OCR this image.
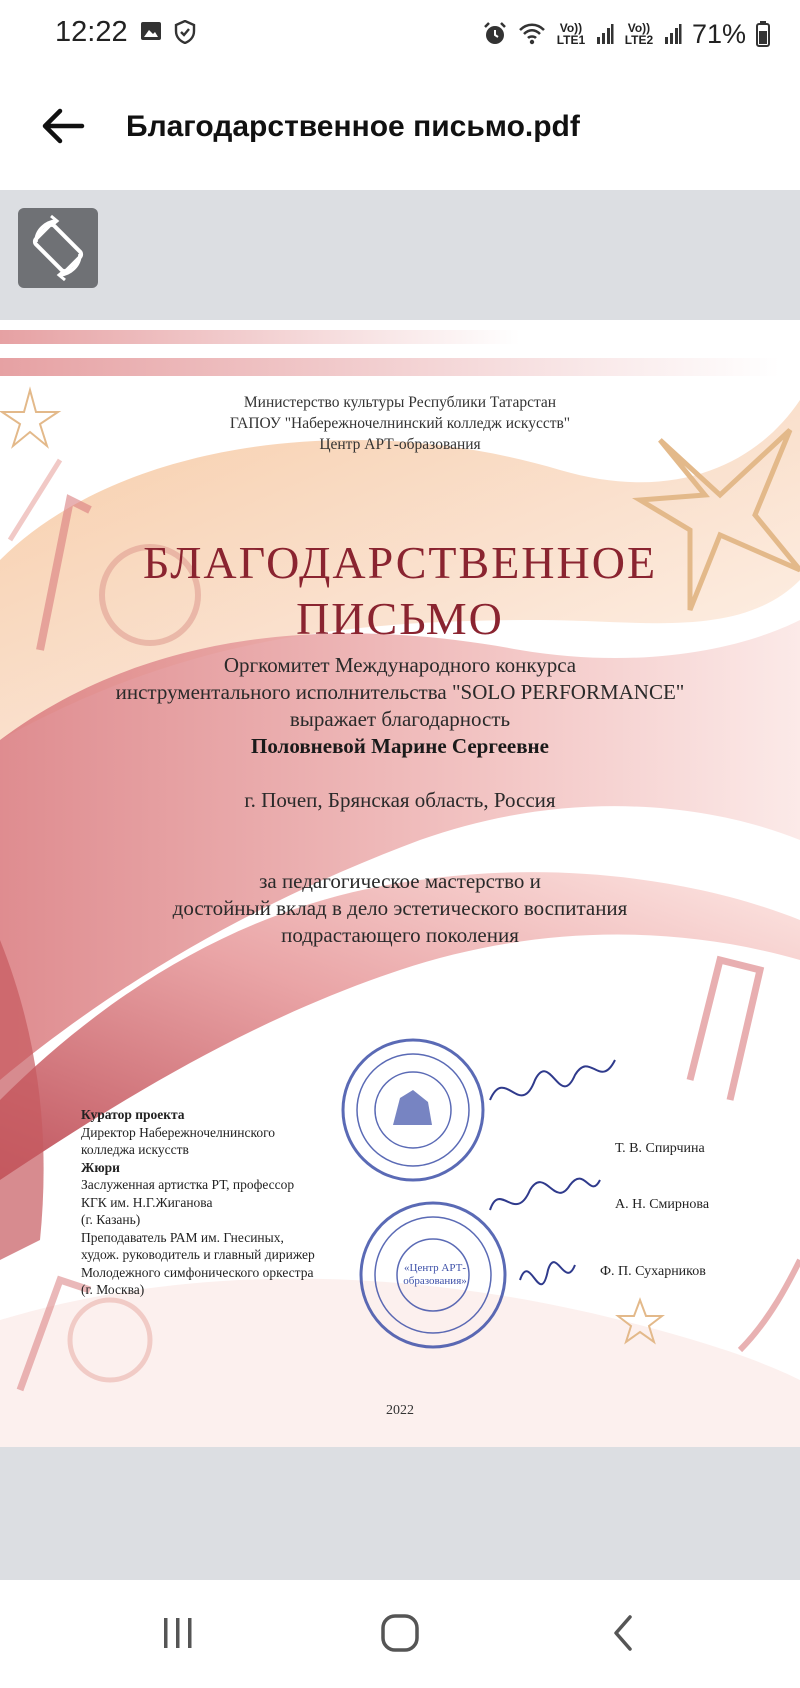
12:22	Vo)) LTE1
Vo)) LTE2 71%
Благодарственное письмо.pdf
Министерство культуры Республики Татарстан
ГАПОУ "Набережночелнинский колледж искусств"
Центр АРТ-образования
БЛАГОДАРСТВЕННОЕ
ПИСЬМО
Оргкомитет Международного конкурса
инструментального исполнительства "SOLO PERFORMANCE"
выражает благодарность
Половневой Марине Сергеевне
г. Почеп, Брянская область, Россия
за педагогическое мастерство и
достойный вклад в дело эстетического воспитания
подрастающего поколения
Куратор проекта
Директор Набережночелнинского
колледжа искусств
Жюри
Заслуженная артистка РТ, профессор
КГК им. Н.Г.Жиганова
(г. Казань)
Преподаватель РАМ им. Гнесиных,
худож. руководитель и главный дирижер
Молодежного симфонического оркестра
(г. Москва)
Т. В. Спирчина
А. Н. Смирнова
Ф. П. Сухарников
«Центр АРТ-образования»
2022
